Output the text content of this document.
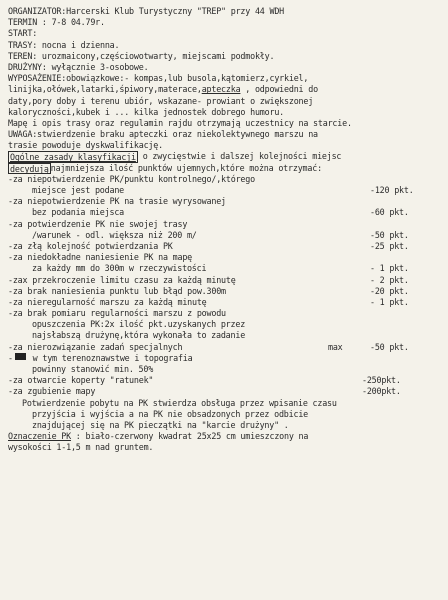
ORGANIZATOR:Harcerski Klub Turystyczny "TREP" przy 44 WDH
TERMIN : 7-8 04.79r.
START:
TRASY: nocna i dzienna.
TEREN: urozmaicony,częściowotwarty, miejscami podmokły.
DRUŻYNY: wyłącznie 3-osobowe.
WYPOSAŻENIE:obowiązkowe:- kompas,lub busola,kątomierz,cyrkiel,
linijka,ołówek,latarki,śpiwory,materace, apteczka , odpowiedni do
daty,pory doby i terenu ubiór, wskazane- prowiant o zwiększonej
kaloryczności,kubek i ... kilka jednostek dobrego humoru.
Mapę i opis trasy oraz regulamin rajdu otrzymają uczestnicy na starcie.
UWAGA:stwierdzenie braku apteczki oraz niekolektywnego marszu na
trasie powoduje dyskwalifikację.
Ogólne zasady klasyfikacji o zwycięstwie i dalszej kolejności miejsc
decydują najmniejsza ilość punktów ujemnych,które można otrzymać:
-za niepotwierdzenie PK/punktu kontrolnego/,którego
miejsce jest podane	-120 pkt.
-za niepotwierdzenie PK na trasie wyrysowanej
bez podania miejsca	-60 pkt.
-za potwierdzenie PK nie swojej trasy
/warunek - odl. większa niż 200 m/	-50 pkt.
-za złą kolejność potwierdzania PK	-25 pkt.
-za niedokładne naniesienie PK na mapę
za każdy mm do 300m w rzeczywistości	- 1 pkt.
-zax przekroczenie limitu czasu za każdą minutę	- 2 pkt.
-za brak naniesienia punktu lub błąd pow.300m	-20 pkt.
-za nieregularność marszu za każdą minutę	- 1 pkt.
-za brak pomiaru regularności marszu z powodu
opuszczenia PK:2x ilość pkt.uzyskanych przez
najsłabszą drużynę,która wykonała to zadanie
-za nierozwiązanie zadań specjalnych	max	-50 pkt.
- w tym terenoznawstwe i topografia
powinny stanowić min. 50%
-za otwarcie koperty "ratunek"	-250pkt.
-za zgubienie mapy	-200pkt.
Potwierdzenie pobytu na PK stwierdza obsługa przez wpisanie czasu
przyjścia i wyjścia a na PK nie obsadzonych przez odbicie
znajdującej się na PK pieczątki na "karcie drużyny" .
Oznaczenie PK : biało-czerwony kwadrat 25x25 cm umieszczony na
wysokości 1-1,5 m nad gruntem.
